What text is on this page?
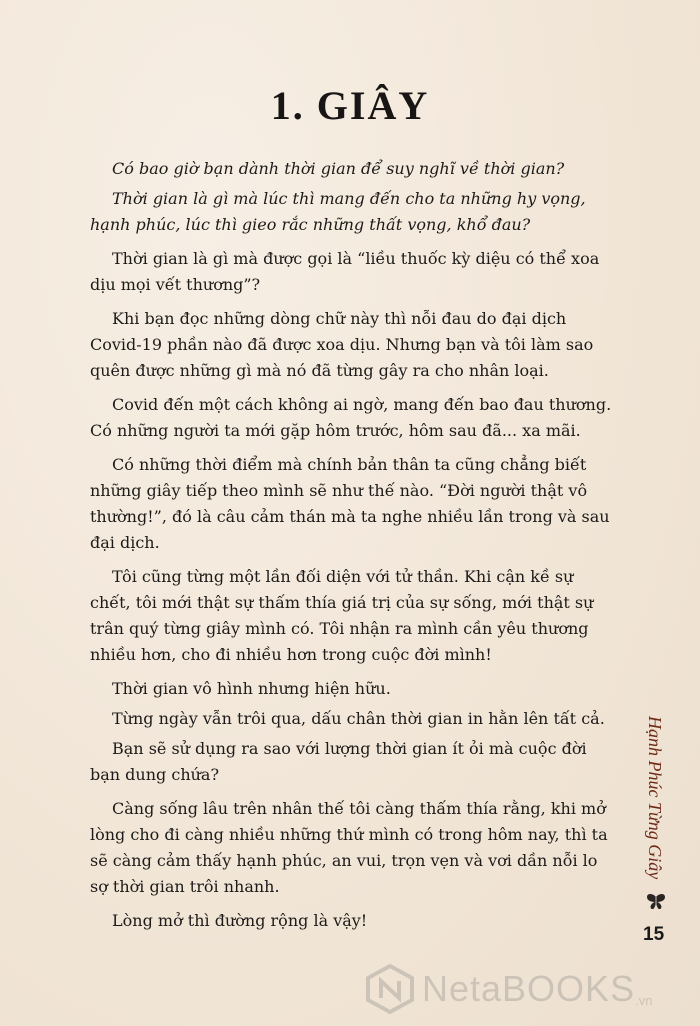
1. GIÂY

Có bao giờ bạn dành thời gian để suy nghĩ về thời gian?

Thời gian là gì mà lúc thì mang đến cho ta những hy vọng, hạnh phúc, lúc thì gieo rắc những thất vọng, khổ đau?

Thời gian là gì mà được gọi là “liều thuốc kỳ diệu có thể xoa dịu mọi vết thương”?

Khi bạn đọc những dòng chữ này thì nỗi đau do đại dịch Covid-19 phần nào đã được xoa dịu. Nhưng bạn và tôi làm sao quên được những gì mà nó đã từng gây ra cho nhân loại.

Covid đến một cách không ai ngờ, mang đến bao đau thương. Có những người ta mới gặp hôm trước, hôm sau đã... xa mãi.

Có những thời điểm mà chính bản thân ta cũng chẳng biết những giây tiếp theo mình sẽ như thế nào. “Đời người thật vô thường!”, đó là câu cảm thán mà ta nghe nhiều lần trong và sau đại dịch.

Tôi cũng từng một lần đối diện với tử thần. Khi cận kề sự chết, tôi mới thật sự thấm thía giá trị của sự sống, mới thật sự trân quý từng giây mình có. Tôi nhận ra mình cần yêu thương nhiều hơn, cho đi nhiều hơn trong cuộc đời mình!

Thời gian vô hình nhưng hiện hữu.

Từng ngày vẫn trôi qua, dấu chân thời gian in hằn lên tất cả.

Bạn sẽ sử dụng ra sao với lượng thời gian ít ỏi mà cuộc đời bạn dung chứa?

Càng sống lâu trên nhân thế tôi càng thấm thía rằng, khi mở lòng cho đi càng nhiều những thứ mình có trong hôm nay, thì ta sẽ càng cảm thấy hạnh phúc, an vui, trọn vẹn và vơi dần nỗi lo sợ thời gian trôi nhanh.

Lòng mở thì đường rộng là vậy!

Hạnh Phúc Từng Giây
15
NetaBOOKS .vn
